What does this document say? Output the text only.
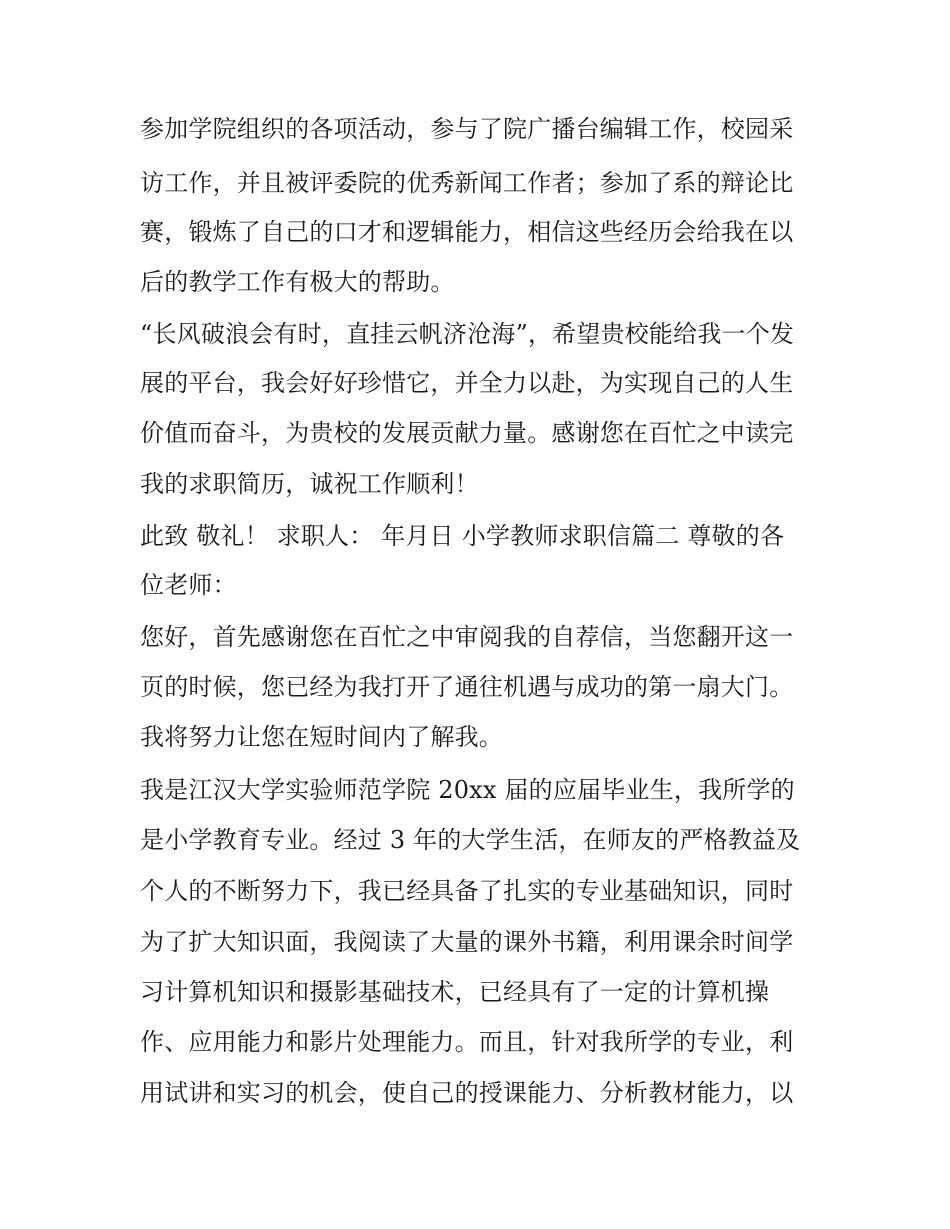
参加学院组织的各项活动，参与了院广播台编辑工作，校园采
访工作，并且被评委院的优秀新闻工作者；参加了系的辩论比
赛，锻炼了自己的口才和逻辑能力，相信这些经历会给我在以
后的教学工作有极大的帮助。
“长风破浪会有时，直挂云帆济沧海”，希望贵校能给我一个发
展的平台，我会好好珍惜它，并全力以赴，为实现自己的人生
价值而奋斗，为贵校的发展贡献力量。感谢您在百忙之中读完
我的求职简历，诚祝工作顺利！
此致 敬礼！ 求职人： 年月日 小学教师求职信篇二 尊敬的各
位老师：
您好，首先感谢您在百忙之中审阅我的自荐信，当您翻开这一
页的时候，您已经为我打开了通往机遇与成功的第一扇大门。
我将努力让您在短时间内了解我。
我是江汉大学实验师范学院 20xx 届的应届毕业生，我所学的
是小学教育专业。经过 3 年的大学生活，在师友的严格教益及
个人的不断努力下，我已经具备了扎实的专业基础知识，同时
为了扩大知识面，我阅读了大量的课外书籍，利用课余时间学
习计算机知识和摄影基础技术，已经具有了一定的计算机操
作、应用能力和影片处理能力。而且，针对我所学的专业，利
用试讲和实习的机会，使自己的授课能力、分析教材能力，以
